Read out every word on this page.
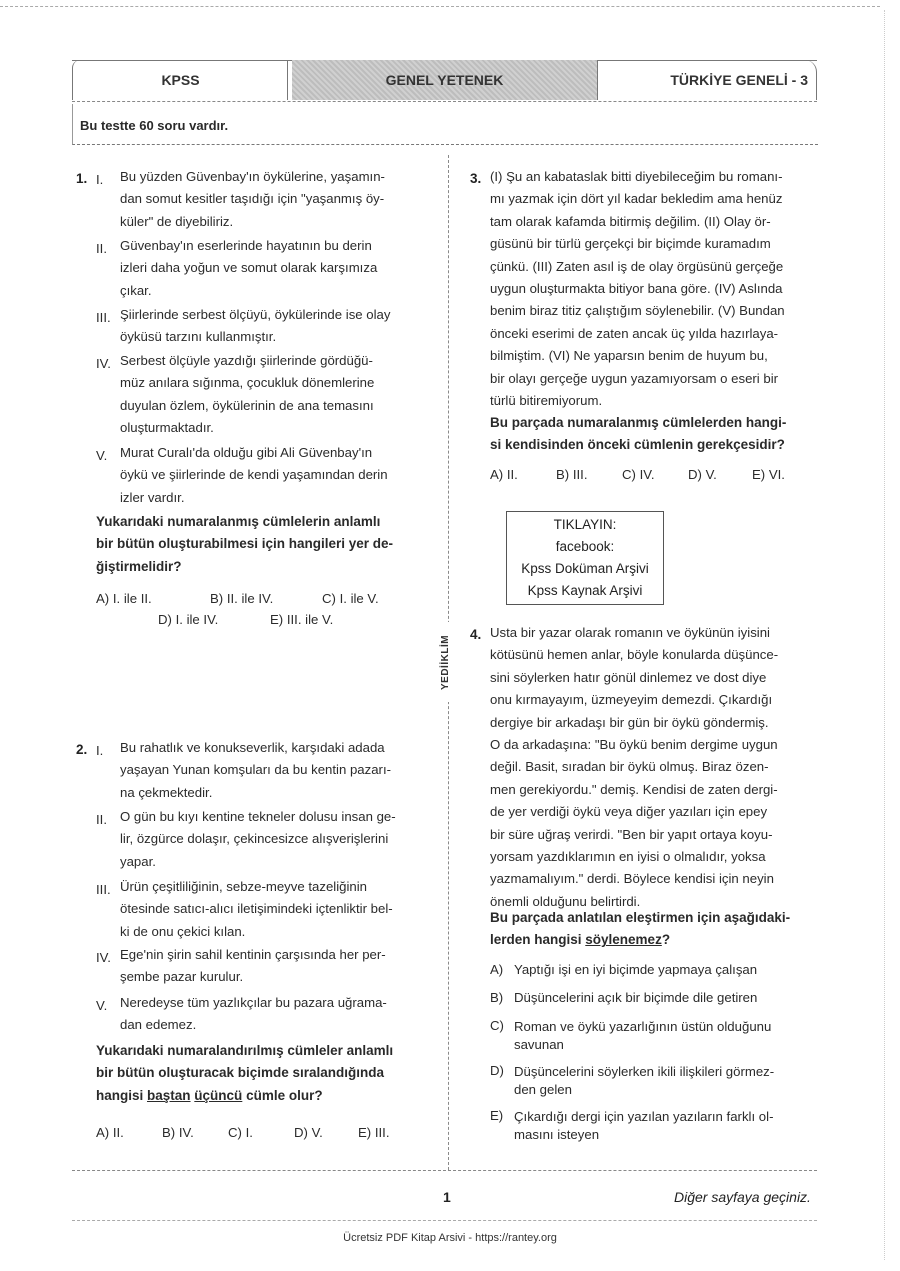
KPSS	GENEL YETENEK	TÜRKİYE GENELİ - 3
Bu testte 60 soru vardır.
YEDİİKLİM
1. I. Bu yüzden Güvenbay'ın öykülerine, yaşamın-
dan somut kesitler taşıdığı için "yaşanmış öy-
küler" de diyebiliriz.
II. Güvenbay'ın eserlerinde hayatının bu derin
izleri daha yoğun ve somut olarak karşımıza
çıkar.
III. Şiirlerinde serbest ölçüyü, öykülerinde ise olay
öyküsü tarzını kullanmıştır.
IV. Serbest ölçüyle yazdığı şiirlerinde gördüğü-
müz anılara sığınma, çocukluk dönemlerine
duyulan özlem, öykülerinin de ana temasını
oluşturmaktadır.
V. Murat Curalı'da olduğu gibi Ali Güvenbay'ın
öykü ve şiirlerinde de kendi yaşamından derin
izler vardır.
Yukarıdaki numaralanmış cümlelerin anlamlı
bir bütün oluşturabilmesi için hangileri yer de-
ğiştirmelidir?
A) I. ile II.	B) II. ile IV.	C) I. ile V.
D) I. ile IV.	E) III. ile V.
2. I. Bu rahatlık ve konukseverlik, karşıdaki adada
yaşayan Yunan komşuları da bu kentin pazarı-
na çekmektedir.
II. O gün bu kıyı kentine tekneler dolusu insan ge-
lir, özgürce dolaşır, çekincesizce alışverişlerini
yapar.
III. Ürün çeşitliliğinin, sebze-meyve tazeliğinin
ötesinde satıcı-alıcı iletişimindeki içtenliktir bel-
ki de onu çekici kılan.
IV. Ege'nin şirin sahil kentinin çarşısında her per-
şembe pazar kurulur.
V. Neredeyse tüm yazlıkçılar bu pazara uğrama-
dan edemez.
Yukarıdaki numaralandırılmış cümleler anlamlı
bir bütün oluşturacak biçimde sıralandığında
hangisi baştan üçüncü cümle olur?
A) II.	B) IV.	C) I.	D) V.	E) III.
3. (I) Şu an kabataslak bitti diyebileceğim bu romanı-
mı yazmak için dört yıl kadar bekledim ama henüz
tam olarak kafamda bitirmiş değilim. (II) Olay ör-
güsünü bir türlü gerçekçi bir biçimde kuramadım
çünkü. (III) Zaten asıl iş de olay örgüsünü gerçeğe
uygun oluşturmakta bitiyor bana göre. (IV) Aslında
benim biraz titiz çalıştığım söylenebilir. (V) Bundan
önceki eserimi de zaten ancak üç yılda hazırlaya-
bilmiştim. (VI) Ne yaparsın benim de huyum bu,
bir olayı gerçeğe uygun yazamıyorsam o eseri bir
türlü bitiremiyorum.
Bu parçada numaralanmış cümlelerden hangi-
si kendisinden önceki cümlenin gerekçesidir?
A) II.	B) III.	C) IV.	D) V.	E) VI.
TIKLAYIN:
facebook:
Kpss Doküman Arşivi
Kpss Kaynak Arşivi
4. Usta bir yazar olarak romanın ve öykünün iyisini
kötüsünü hemen anlar, böyle konularda düşünce-
sini söylerken hatır gönül dinlemez ve dost diye
onu kırmayayım, üzmeyeyim demezdi. Çıkardığı
dergiye bir arkadaşı bir gün bir öykü göndermiş.
O da arkadaşına: "Bu öykü benim dergime uygun
değil. Basit, sıradan bir öykü olmuş. Biraz özen-
men gerekiyordu." demiş. Kendisi de zaten dergi-
de yer verdiği öykü veya diğer yazıları için epey
bir süre uğraş verirdi. "Ben bir yapıt ortaya koyu-
yorsam yazdıklarımın en iyisi o olmalıdır, yoksa
yazmamalıyım." derdi. Böylece kendisi için neyin
önemli olduğunu belirtirdi.
Bu parçada anlatılan eleştirmen için aşağıdaki-
lerden hangisi söylenemez?
A) Yaptığı işi en iyi biçimde yapmaya çalışan
B) Düşüncelerini açık bir biçimde dile getiren
C) Roman ve öykü yazarlığının üstün olduğunu
savunan
D) Düşüncelerini söylerken ikili ilişkileri görmez-
den gelen
E) Çıkardığı dergi için yazılan yazıların farklı ol-
masını isteyen
1	Diğer sayfaya geçiniz.
Ücretsiz PDF Kitap Arsivi - https://rantey.org
